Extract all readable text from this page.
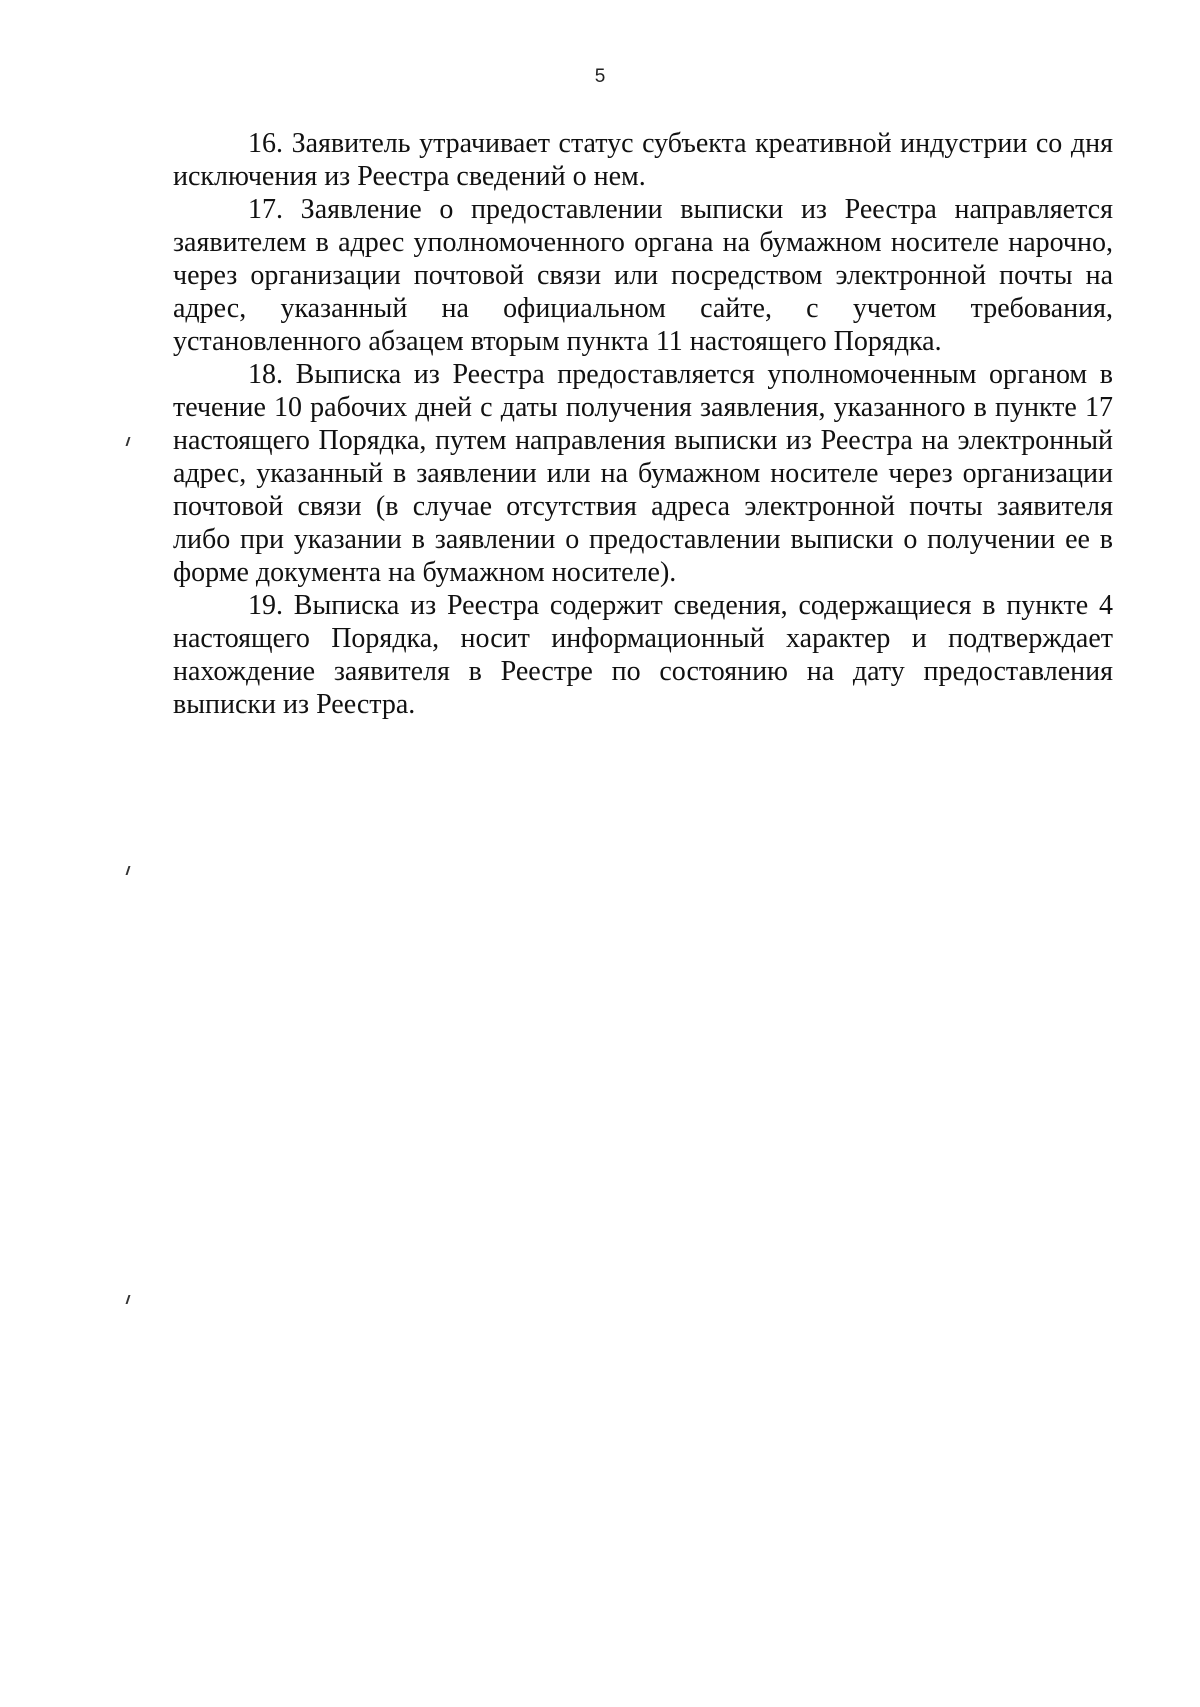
5

16. Заявитель утрачивает статус субъекта креативной индустрии со дня исключения из Реестра сведений о нем.

17. Заявление о предоставлении выписки из Реестра направляется заявителем в адрес уполномоченного органа на бумажном носителе нарочно, через организации почтовой связи или посредством электронной почты на адрес, указанный на официальном сайте, с учетом требования, установленного абзацем вторым пункта 11 настоящего Порядка.

18. Выписка из Реестра предоставляется уполномоченным органом в течение 10 рабочих дней с даты получения заявления, указанного в пункте 17 настоящего Порядка, путем направления выписки из Реестра на электронный адрес, указанный в заявлении или на бумажном носителе через организации почтовой связи (в случае отсутствия адреса электронной почты заявителя либо при указании в заявлении о предоставлении выписки о получении ее в форме документа на бумажном носителе).

19. Выписка из Реестра содержит сведения, содержащиеся в пункте 4 настоящего Порядка, носит информационный характер и подтверждает нахождение заявителя в Реестре по состоянию на дату предоставления выписки из Реестра.
